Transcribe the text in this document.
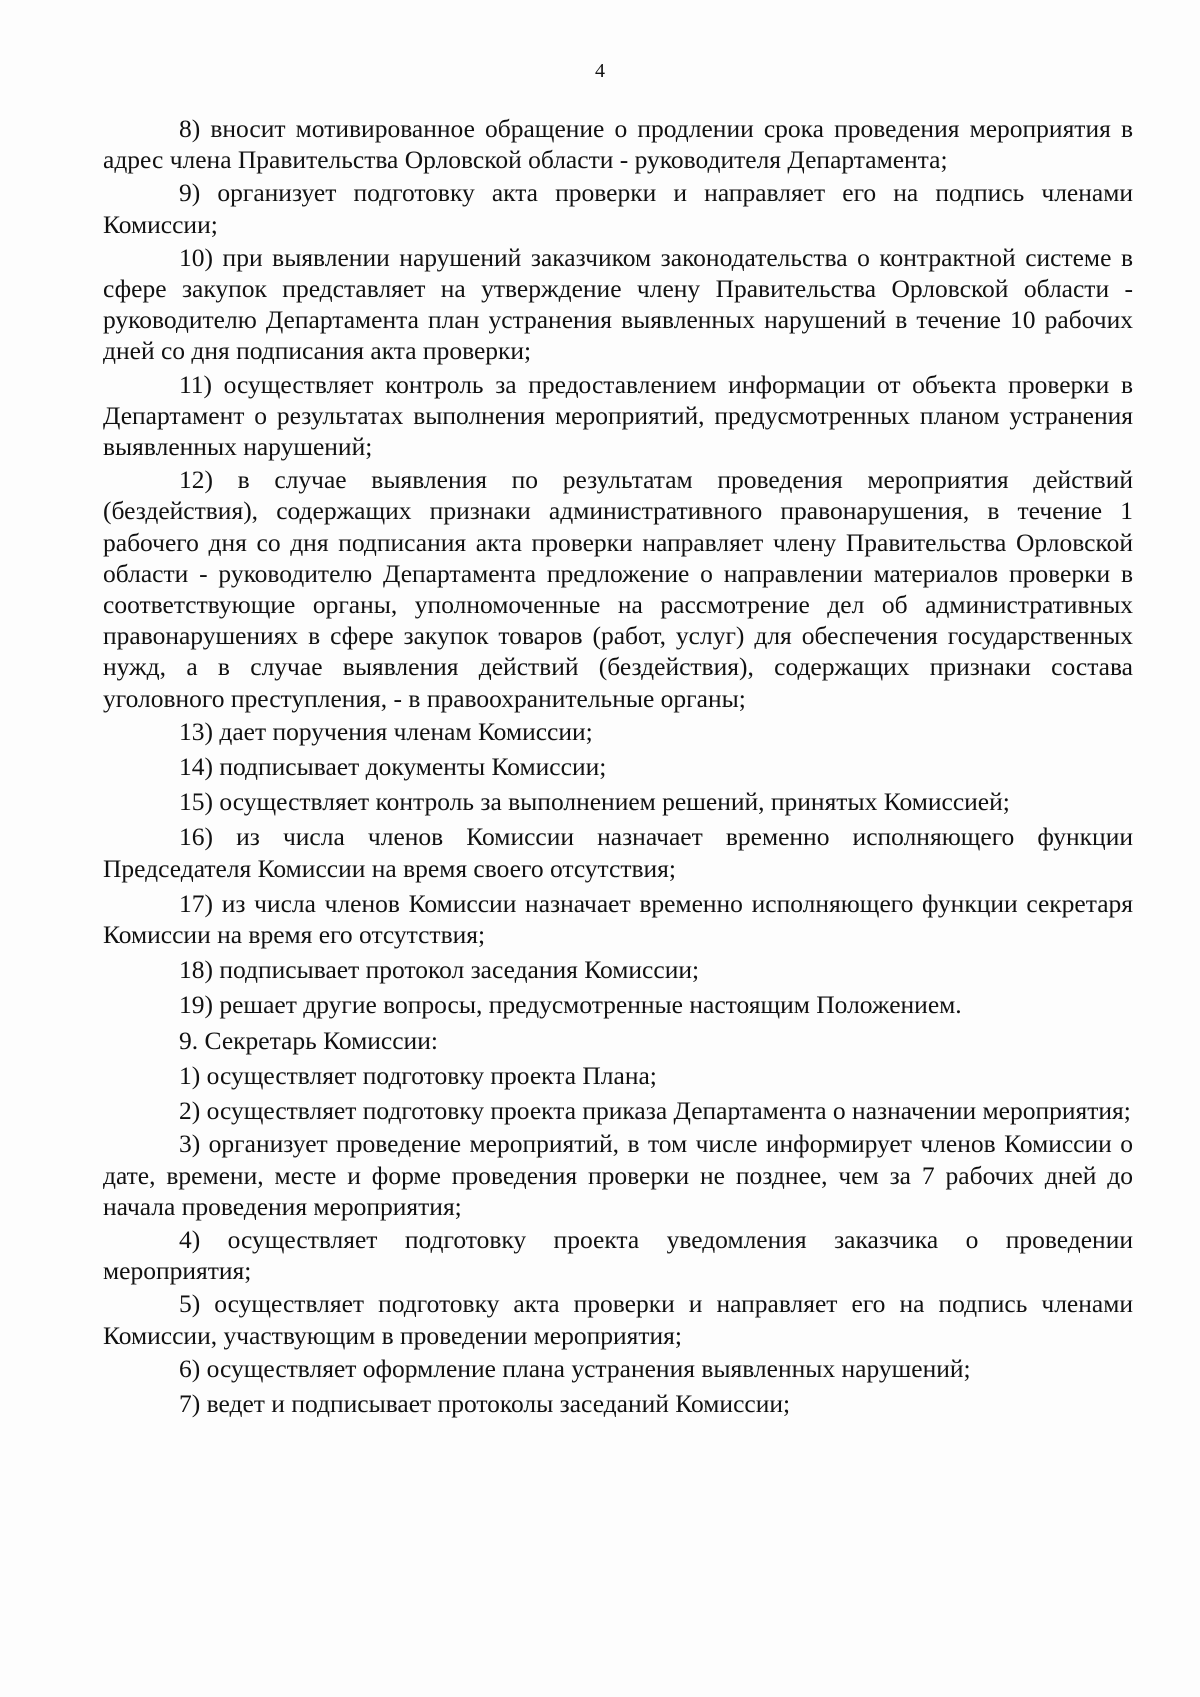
4

8) вносит мотивированное обращение о продлении срока проведения мероприятия в адрес члена Правительства Орловской области - руководителя Департамента;

9) организует подготовку акта проверки и направляет его на подпись членами Комиссии;

10) при выявлении нарушений заказчиком законодательства о контрактной системе в сфере закупок представляет на утверждение члену Правительства Орловской области - руководителю Департамента план устранения выявленных нарушений в течение 10 рабочих дней со дня подписания акта проверки;

11) осуществляет контроль за предоставлением информации от объекта проверки в Департамент о результатах выполнения мероприятий, предусмотренных планом устранения выявленных нарушений;

12) в случае выявления по результатам проведения мероприятия действий (бездействия), содержащих признаки административного правонарушения, в течение 1 рабочего дня со дня подписания акта проверки направляет члену Правительства Орловской области - руководителю Департамента предложение о направлении материалов проверки в соответствующие органы, уполномоченные на рассмотрение дел об административных правонарушениях в сфере закупок товаров (работ, услуг) для обеспечения государственных нужд, а в случае выявления действий (бездействия), содержащих признаки состава уголовного преступления, - в правоохранительные органы;

13) дает поручения членам Комиссии;

14) подписывает документы Комиссии;

15) осуществляет контроль за выполнением решений, принятых Комиссией;

16) из числа членов Комиссии назначает временно исполняющего функции Председателя Комиссии на время своего отсутствия;

17) из числа членов Комиссии назначает временно исполняющего функции секретаря Комиссии на время его отсутствия;

18) подписывает протокол заседания Комиссии;

19) решает другие вопросы, предусмотренные настоящим Положением.

9. Секретарь Комиссии:

1) осуществляет подготовку проекта Плана;

2) осуществляет подготовку проекта приказа Департамента о назначении мероприятия;

3) организует проведение мероприятий, в том числе информирует членов Комиссии о дате, времени, месте и форме проведения проверки не позднее, чем за 7 рабочих дней до начала проведения мероприятия;

4) осуществляет подготовку проекта уведомления заказчика о проведении мероприятия;

5) осуществляет подготовку акта проверки и направляет его на подпись членами Комиссии, участвующим в проведении мероприятия;

6) осуществляет оформление плана устранения выявленных нарушений;

7) ведет и подписывает протоколы заседаний Комиссии;
